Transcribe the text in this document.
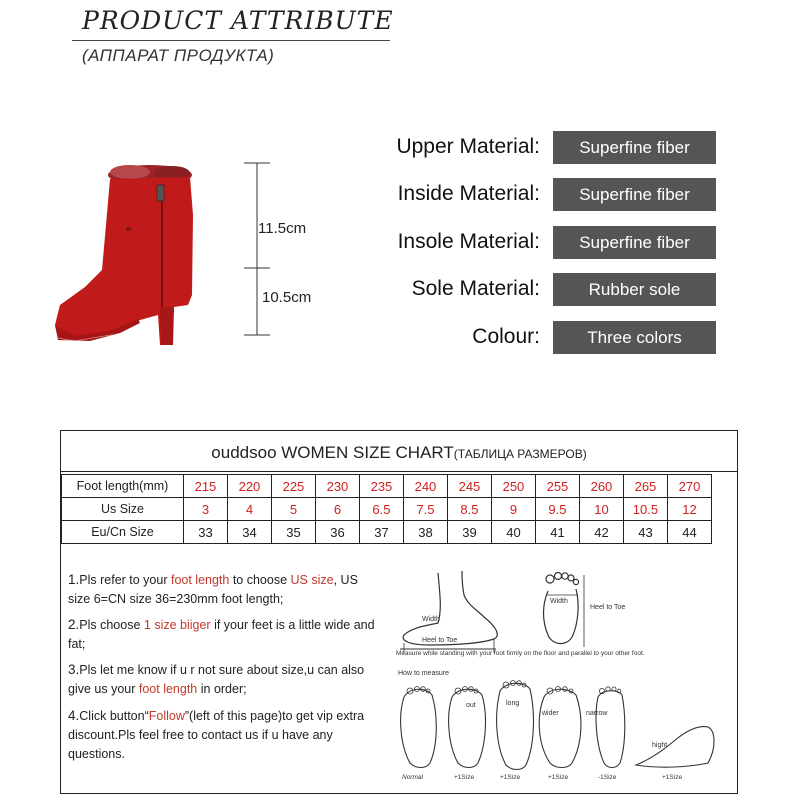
PRODUCT ATTRIBUTE
(АППАРАТ ПРОДУКТА)
11.5cm
10.5cm
Upper Material:	Superfine fiber
Inside Material:	Superfine fiber
Insole Material:	Superfine fiber
Sole Material:	Rubber sole
Colour:	Three colors
ouddsoo WOMEN SIZE CHART(ТАБЛИЦА РАЗМЕРОВ)
Foot length(mm)	215	220	225	230	235	240	245	250	255	260	265	270
Us Size	3	4	5	6	6.5	7.5	8.5	9	9.5	10	10.5	12
Eu/Cn Size	33	34	35	36	37	38	39	40	41	42	43	44
1.Pls refer to your foot length to choose US size, US size 6=CN size 36=230mm foot length;
2.Pls choose 1 size biiger if your feet is a little wide and fat;
3.Pls let me know if u r not sure about size,u can also give us your foot length in order;
4.Click button“Follow”(left of this page)to get vip extra discount.Pls feel free to contact us if u have any questions.
Width
Heel to Toe
Width
Heel to Toe
Measure while standing with your foot firmly on the floor and parallel to your other foot.
How to measure
out	long
wider	narrow
hight
Normal	+1Size	+1Size	+1Size	-1Size	+1Size
